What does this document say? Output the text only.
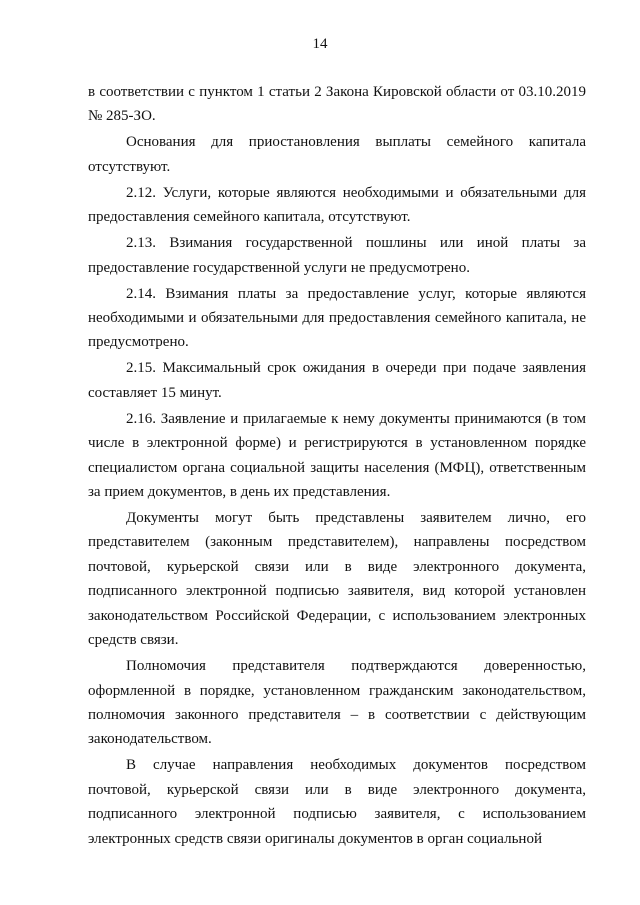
14

в соответствии с пунктом 1 статьи 2 Закона Кировской области от 03.10.2019 № 285-ЗО.

Основания для приостановления выплаты семейного капитала отсутствуют.

2.12. Услуги, которые являются необходимыми и обязательными для предоставления семейного капитала, отсутствуют.

2.13. Взимания государственной пошлины или иной платы за предоставление государственной услуги не предусмотрено.

2.14. Взимания платы за предоставление услуг, которые являются необходимыми и обязательными для предоставления семейного капитала, не предусмотрено.

2.15. Максимальный срок ожидания в очереди при подаче заявления составляет 15 минут.

2.16. Заявление и прилагаемые к нему документы принимаются (в том числе в электронной форме) и регистрируются в установленном порядке специалистом органа социальной защиты населения (МФЦ), ответственным за прием документов, в день их представления.

Документы могут быть представлены заявителем лично, его представителем (законным представителем), направлены посредством почтовой, курьерской связи или в виде электронного документа, подписанного электронной подписью заявителя, вид которой установлен законодательством Российской Федерации, с использованием электронных средств связи.

Полномочия представителя подтверждаются доверенностью, оформленной в порядке, установленном гражданским законодательством, полномочия законного представителя – в соответствии с действующим законодательством.

В случае направления необходимых документов посредством почтовой, курьерской связи или в виде электронного документа, подписанного электронной подписью заявителя, с использованием электронных средств связи оригиналы документов в орган социальной
